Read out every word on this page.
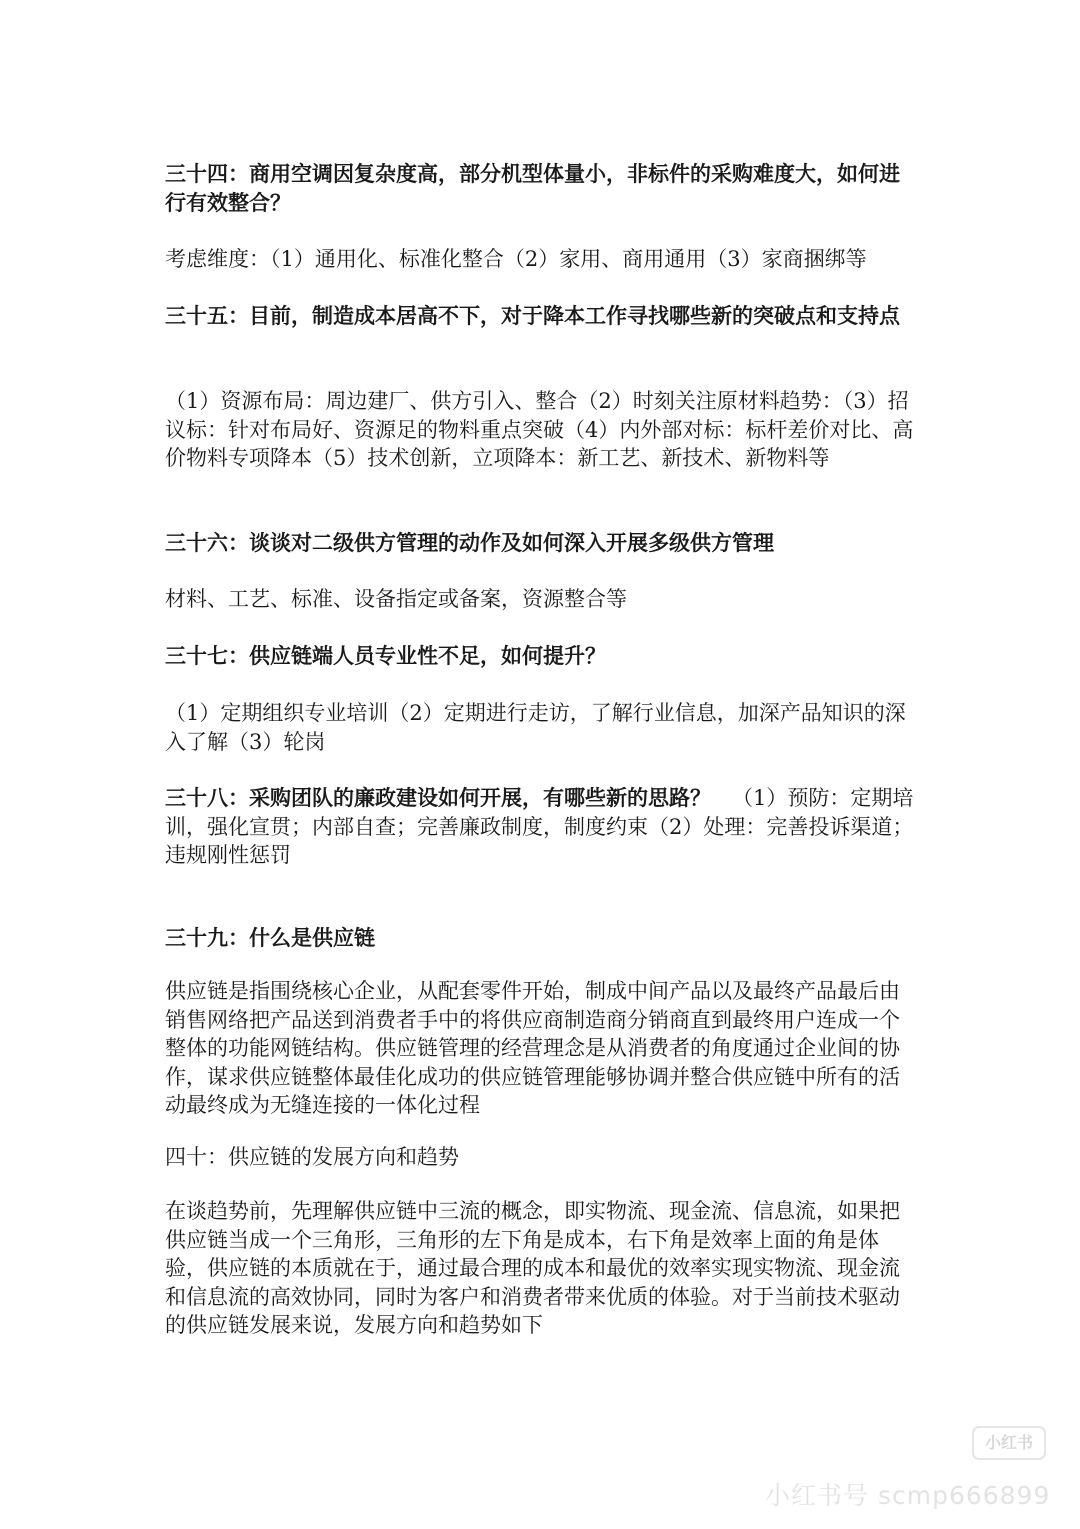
三十四：商用空调因复杂度高，部分机型体量小，非标件的采购难度大，如何进行有效整合？

考虑维度：（1）通用化、标准化整合（2）家用、商用通用（3）家商捆绑等

三十五：目前，制造成本居高不下，对于降本工作寻找哪些新的突破点和支持点

（1）资源布局：周边建厂、供方引入、整合（2）时刻关注原材料趋势：（3）招议标：针对布局好、资源足的物料重点突破（4）内外部对标：标杆差价对比、高价物料专项降本（5）技术创新，立项降本：新工艺、新技术、新物料等

三十六：谈谈对二级供方管理的动作及如何深入开展多级供方管理

材料、工艺、标准、设备指定或备案，资源整合等

三十七：供应链端人员专业性不足，如何提升？

（1）定期组织专业培训（2）定期进行走访，了解行业信息，加深产品知识的深入了解（3）轮岗

三十八：采购团队的廉政建设如何开展，有哪些新的思路？  （1）预防：定期培训，强化宣贯；内部自查；完善廉政制度，制度约束（2）处理：完善投诉渠道；违规刚性惩罚

三十九：什么是供应链

供应链是指围绕核心企业，从配套零件开始，制成中间产品以及最终产品最后由销售网络把产品送到消费者手中的将供应商制造商分销商直到最终用户连成一个整体的功能网链结构。供应链管理的经营理念是从消费者的角度通过企业间的协作，谋求供应链整体最佳化成功的供应链管理能够协调并整合供应链中所有的活动最终成为无缝连接的一体化过程

四十：供应链的发展方向和趋势

在谈趋势前，先理解供应链中三流的概念，即实物流、现金流、信息流，如果把供应链当成一个三角形，三角形的左下角是成本，右下角是效率上面的角是体验，供应链的本质就在于，通过最合理的成本和最优的效率实现实物流、现金流和信息流的高效协同，同时为客户和消费者带来优质的体验。对于当前技术驱动的供应链发展来说，发展方向和趋势如下

小红书
小红书号 scmp666899
